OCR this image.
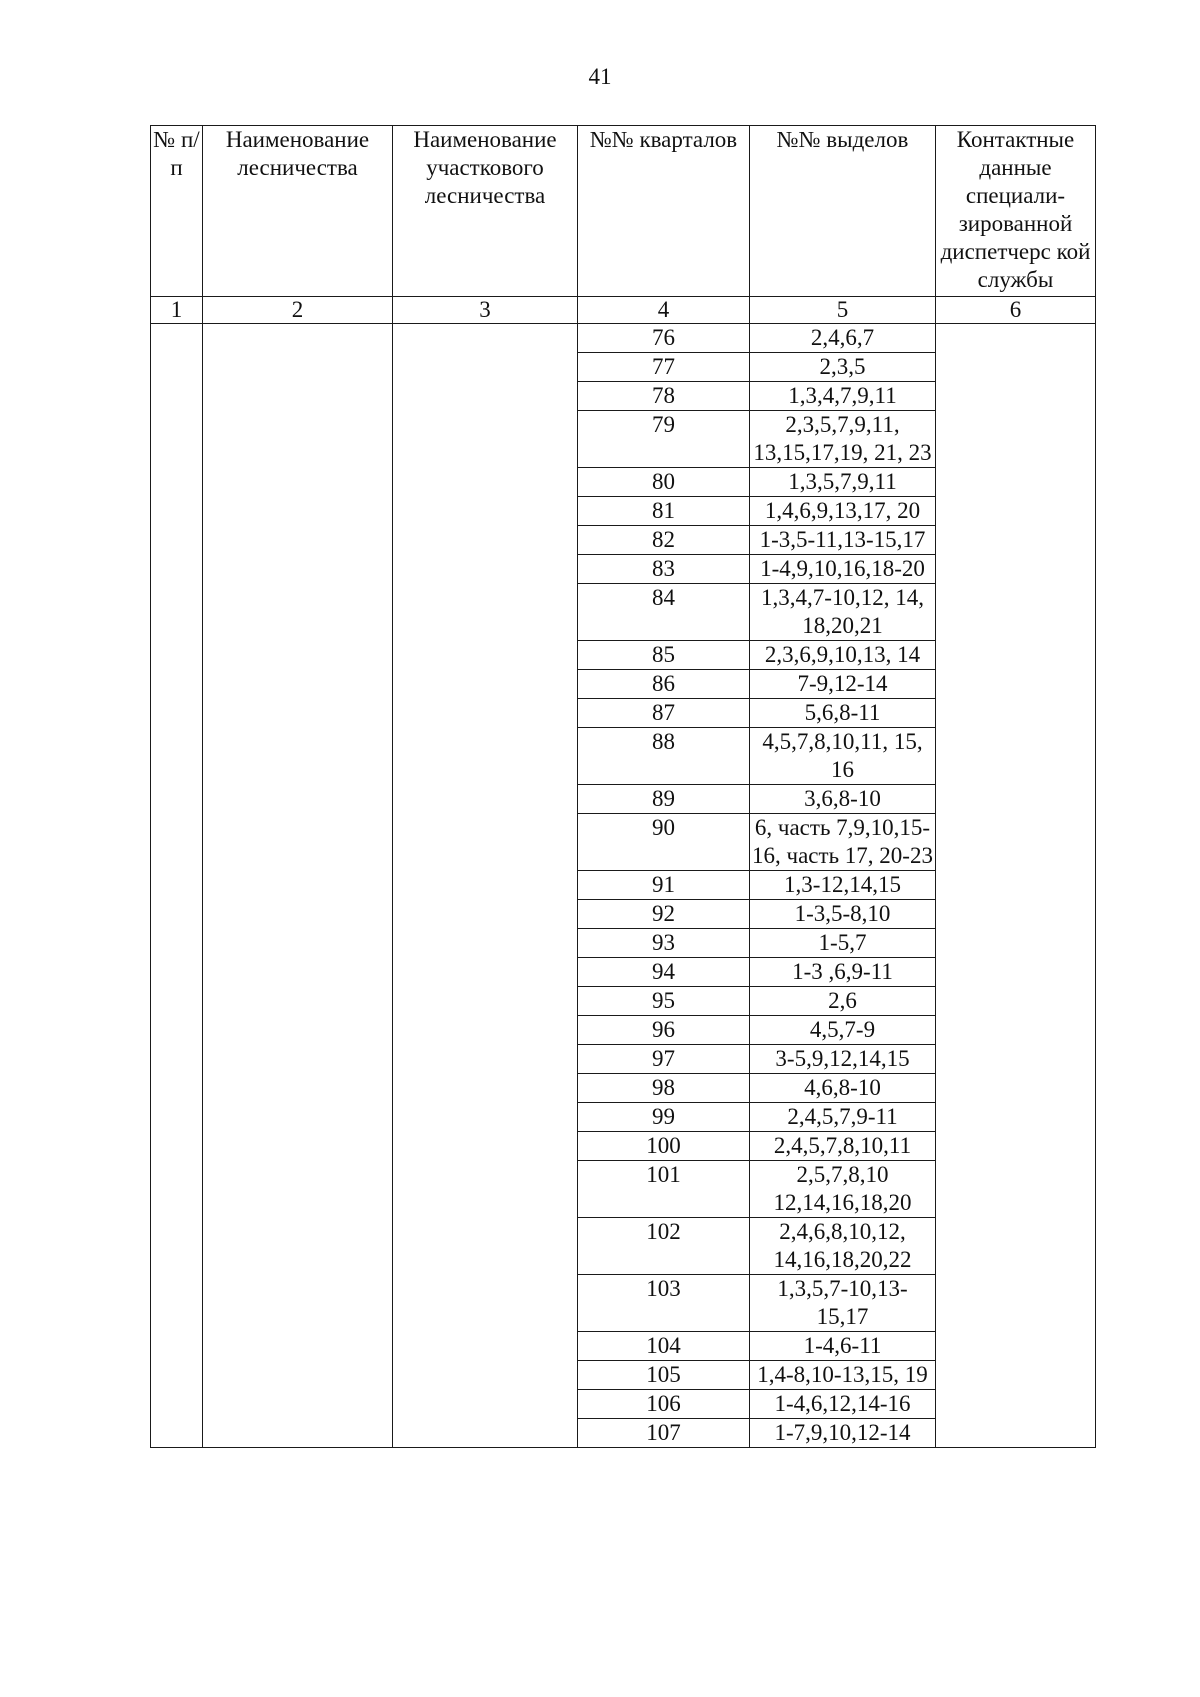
41
№ п/п	Наименование лесничества	Наименование участкового лесничества	№№ кварталов	№№ выделов	Контактные данные специали-зированной диспетчерс кой службы
1	2	3	4	5	6
			76	2,4,6,7	
			77	2,3,5	
			78	1,3,4,7,9,11	
			79	2,3,5,7,9,11, 13,15,17,19, 21, 23	
			80	1,3,5,7,9,11	
			81	1,4,6,9,13,17, 20	
			82	1-3,5-11,13-15,17	
			83	1-4,9,10,16,18-20	
			84	1,3,4,7-10,12, 14, 18,20,21	
			85	2,3,6,9,10,13, 14	
			86	7-9,12-14	
			87	5,6,8-11	
			88	4,5,7,8,10,11, 15, 16	
			89	3,6,8-10	
			90	6, часть 7,9,10,15-16, часть 17, 20-23	
			91	1,3-12,14,15	
			92	1-3,5-8,10	
			93	1-5,7	
			94	1-3 ,6,9-11	
			95	2,6	
			96	4,5,7-9	
			97	3-5,9,12,14,15	
			98	4,6,8-10	
			99	2,4,5,7,9-11	
			100	2,4,5,7,8,10,11	
			101	2,5,7,8,10 12,14,16,18,20	
			102	2,4,6,8,10,12, 14,16,18,20,22	
			103	1,3,5,7-10,13-15,17	
			104	1-4,6-11	
			105	1,4-8,10-13,15, 19	
			106	1-4,6,12,14-16	
			107	1-7,9,10,12-14	
